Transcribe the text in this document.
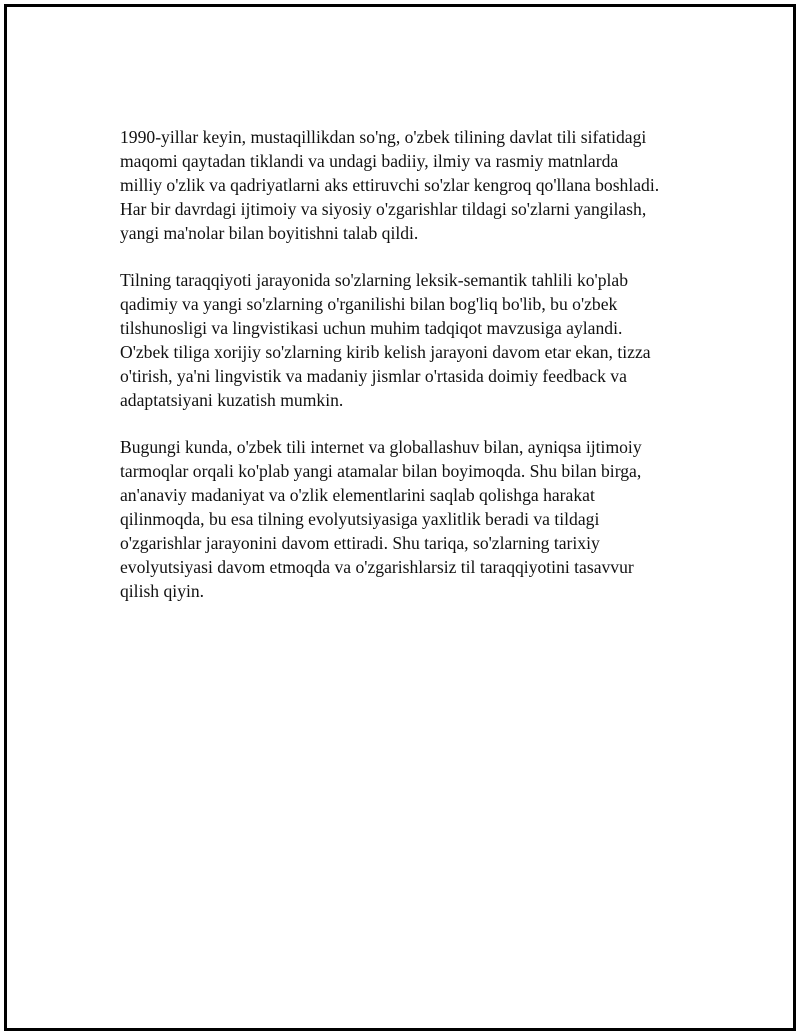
1990-yillar keyin, mustaqillikdan so'ng, o'zbek tilining davlat tili sifatidagi
maqomi qaytadan tiklandi va undagi badiiy, ilmiy va rasmiy matnlarda
milliy o'zlik va qadriyatlarni aks ettiruvchi so'zlar kengroq qo'llana boshladi.
Har bir davrdagi ijtimoiy va siyosiy o'zgarishlar tildagi so'zlarni yangilash,
yangi ma'nolar bilan boyitishni talab qildi.

Tilning taraqqiyoti jarayonida so'zlarning leksik-semantik tahlili ko'plab
qadimiy va yangi so'zlarning o'rganilishi bilan bog'liq bo'lib, bu o'zbek
tilshunosligi va lingvistikasi uchun muhim tadqiqot mavzusiga aylandi.
O'zbek tiliga xorijiy so'zlarning kirib kelish jarayoni davom etar ekan, tizza
o'tirish, ya'ni lingvistik va madaniy jismlar o'rtasida doimiy feedback va
adaptatsiyani kuzatish mumkin.

Bugungi kunda, o'zbek tili internet va globallashuv bilan, ayniqsa ijtimoiy
tarmoqlar orqali ko'plab yangi atamalar bilan boyimoqda. Shu bilan birga,
an'anaviy madaniyat va o'zlik elementlarini saqlab qolishga harakat
qilinmoqda, bu esa tilning evolyutsiyasiga yaxlitlik beradi va tildagi
o'zgarishlar jarayonini davom ettiradi. Shu tariqa, so'zlarning tarixiy
evolyutsiyasi davom etmoqda va o'zgarishlarsiz til taraqqiyotini tasavvur
qilish qiyin.
